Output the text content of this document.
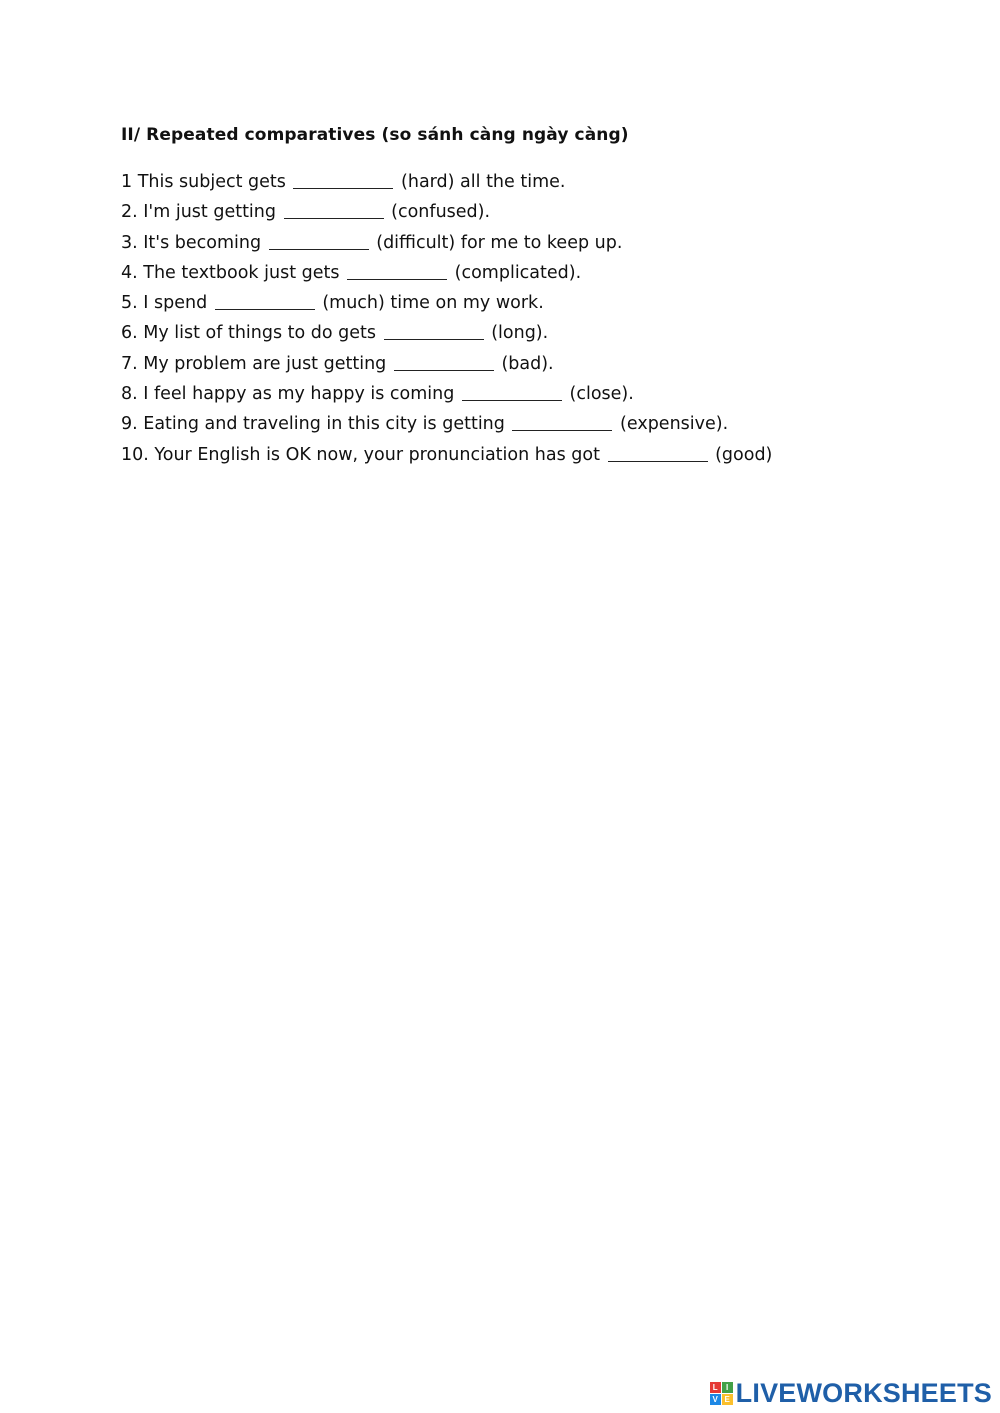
II/ Repeated comparatives (so sánh càng ngày càng)
1 This subject gets	(hard) all the time.
2. I'm just getting	(confused).
3. It's becoming	(difficult) for me to keep up.
4. The textbook just gets	(complicated).
5. I spend	(much) time on my work.
6. My list of things to do gets	(long).
7. My problem are just getting	(bad).
8. I feel happy as my happy is coming	(close).
9. Eating and traveling in this city is getting	(expensive).
10. Your English is OK now, your pronunciation has got	(good)
L	I
V E LIVEWORKSHEETS
